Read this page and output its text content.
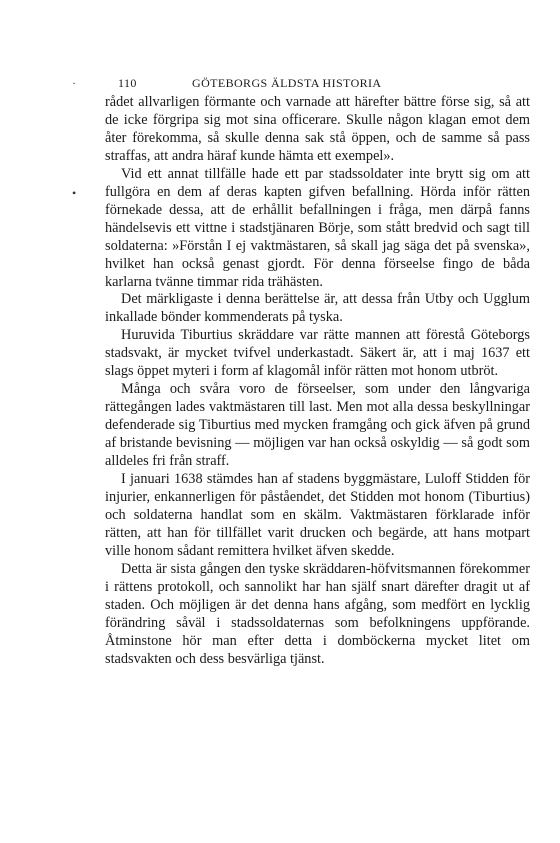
·
•
110	GÖTEBORGS ÄLDSTA HISTORIA

rådet allvarligen förmante och varnade att härefter bättre förse sig, så att de icke förgripa sig mot sina officerare. Skulle någon klagan emot dem åter förekomma, så skulle denna sak stå öppen, och de samme så pass straffas, att andra häraf kunde hämta ett exempel».

Vid ett annat tillfälle hade ett par stadssoldater inte brytt sig om att fullgöra en dem af deras kapten gifven befallning. Hörda inför rätten förnekade dessa, att de erhållit befallningen i fråga, men därpå fanns händelsevis ett vittne i stadstjänaren Börje, som stått bredvid och sagt till soldaterna: »Förstån I ej vaktmästaren, så skall jag säga det på svenska», hvilket han också genast gjordt. För denna förseelse fingo de båda karlarna tvänne timmar rida trähästen.

Det märkligaste i denna berättelse är, att dessa från Utby och Ugglum inkallade bönder kommenderats på tyska.

Huruvida Tiburtius skräddare var rätte mannen att förestå Göteborgs stadsvakt, är mycket tvifvel underkastadt. Säkert är, att i maj 1637 ett slags öppet myteri i form af klagomål inför rätten mot honom utbröt.

Många och svåra voro de förseelser, som under den långvariga rättegången lades vaktmästaren till last. Men mot alla dessa beskyllningar defenderade sig Tiburtius med mycken framgång och gick äfven på grund af bristande bevisning — möjligen var han också oskyldig — så godt som alldeles fri från straff.

I januari 1638 stämdes han af stadens byggmästare, Luloff Stidden för injurier, enkannerligen för påståendet, det Stidden mot honom (Tiburtius) och soldaterna handlat som en skälm. Vaktmästaren förklarade inför rätten, att han för tillfället varit drucken och begärde, att hans motpart ville honom sådant remittera hvilket äfven skedde.

Detta är sista gången den tyske skräddaren-höfvitsmannen förekommer i rättens protokoll, och sannolikt har han själf snart därefter dragit ut af staden. Och möjligen är det denna hans afgång, som medfört en lycklig förändring såväl i stadssoldaternas som befolkningens uppförande. Åtminstone hör man efter detta i domböckerna mycket litet om stadsvakten och dess besvärliga tjänst.
